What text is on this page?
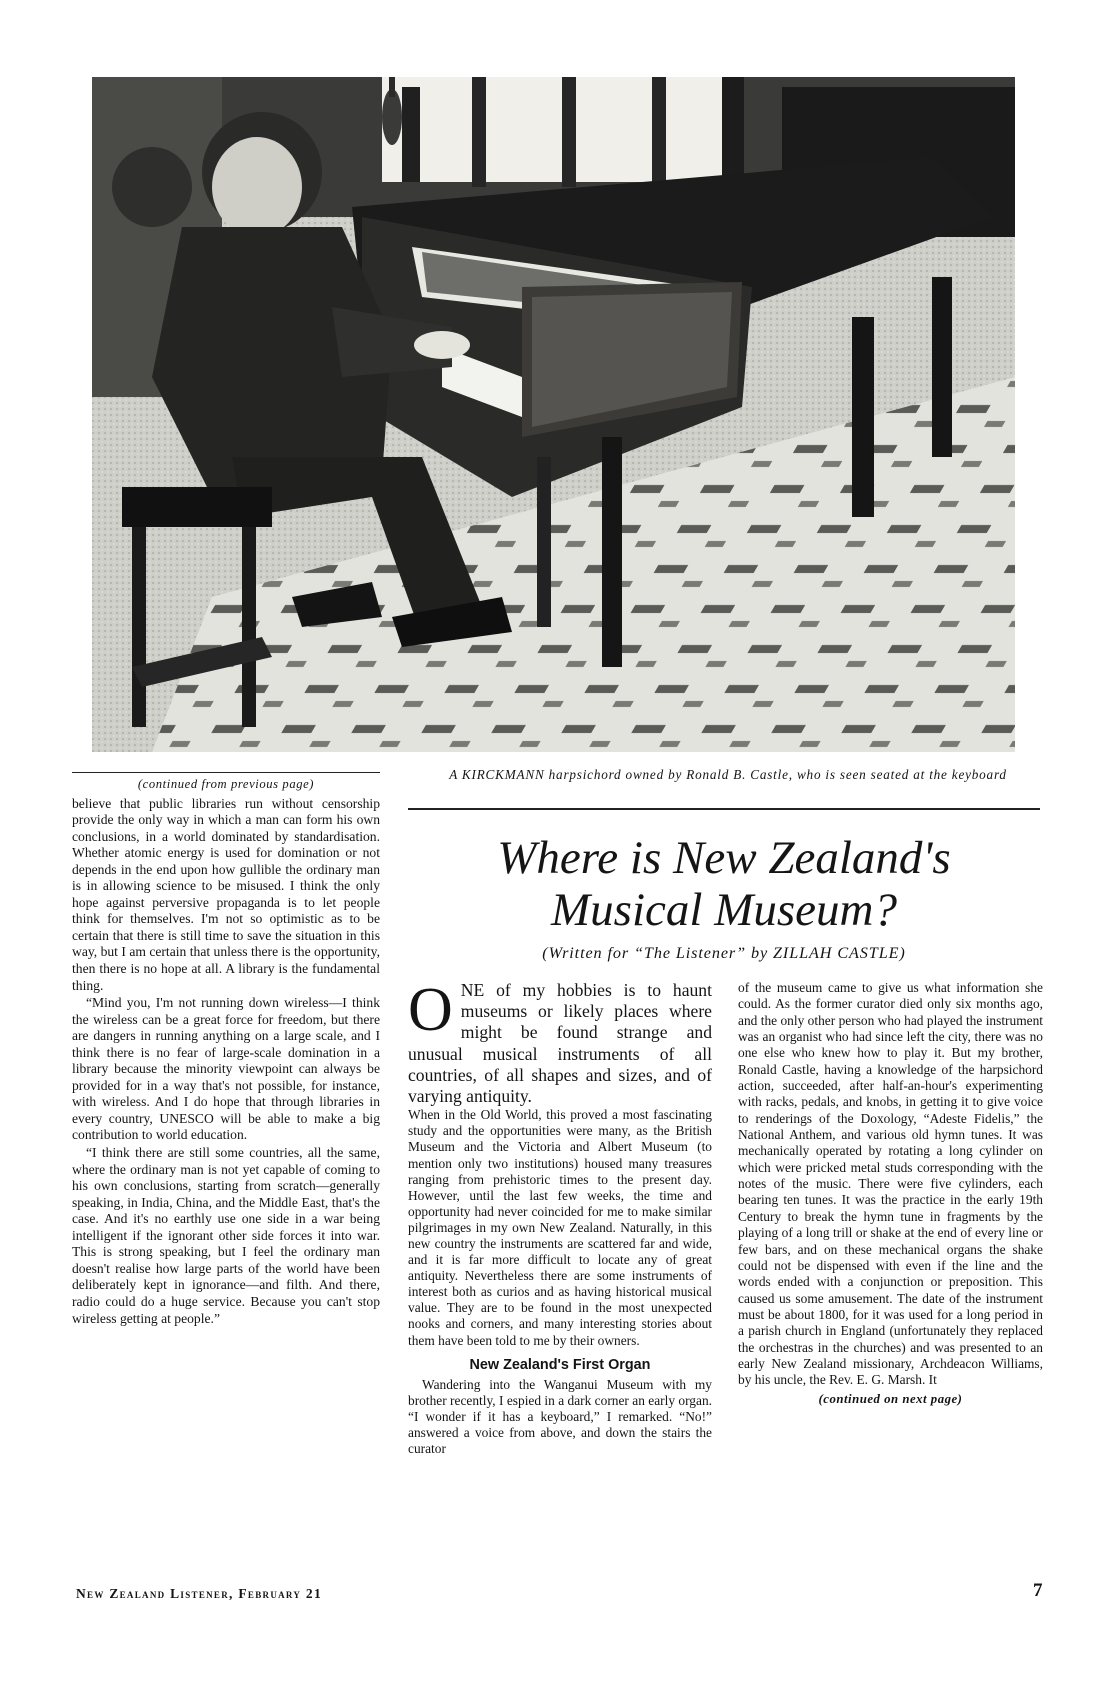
(continued from previous page)

believe that public libraries run without censorship provide the only way in which a man can form his own conclusions, in a world dominated by standardisation. Whether atomic energy is used for domination or not depends in the end upon how gullible the ordinary man is in allowing science to be misused. I think the only hope against perversive propaganda is to let people think for themselves. I'm not so optimistic as to be certain that there is still time to save the situation in this way, but I am certain that unless there is the opportunity, then there is no hope at all. A library is the fundamental thing.

“Mind you, I'm not running down wireless—I think the wireless can be a great force for freedom, but there are dangers in running anything on a large scale, and I think there is no fear of large-scale domination in a library because the minority viewpoint can always be provided for in a way that's not possible, for instance, with wireless. And I do hope that through libraries in every country, UNESCO will be able to make a big contribution to world education.

“I think there are still some countries, all the same, where the ordinary man is not yet capable of coming to his own conclusions, starting from scratch—generally speaking, in India, China, and the Middle East, that's the case. And it's no earthly use one side in a war being intelligent if the ignorant other side forces it into war. This is strong speaking, but I feel the ordinary man doesn't realise how large parts of the world have been deliberately kept in ignorance—and filth. And there, radio could do a huge service. Because you can't stop wireless getting at people.”

A KIRCKMANN harpsichord owned by Ronald B. Castle, who is seen seated at the keyboard
Where is New Zealand's
Musical Museum?
(Written for “The Listener” by ZILLAH CASTLE)

ONE of my hobbies is to haunt museums or likely places where might be found strange and unusual musical instruments of all countries, of all shapes and sizes, and of varying antiquity.

When in the Old World, this proved a most fascinating study and the opportunities were many, as the British Museum and the Victoria and Albert Museum (to mention only two institutions) housed many treasures ranging from prehistoric times to the present day. However, until the last few weeks, the time and opportunity had never coincided for me to make similar pilgrimages in my own New Zealand. Naturally, in this new country the instruments are scattered far and wide, and it is far more difficult to locate any of great antiquity. Nevertheless there are some instruments of interest both as curios and as having historical musical value. They are to be found in the most unexpected nooks and corners, and many interesting stories about them have been told to me by their owners.

New Zealand's First Organ

Wandering into the Wanganui Museum with my brother recently, I espied in a dark corner an early organ. “I wonder if it has a keyboard,” I remarked. “No!” answered a voice from above, and down the stairs the curator

of the museum came to give us what information she could. As the former curator died only six months ago, and the only other person who had played the instrument was an organist who had since left the city, there was no one else who knew how to play it. But my brother, Ronald Castle, having a knowledge of the harpsichord action, succeeded, after half-an-hour's experimenting with racks, pedals, and knobs, in getting it to give voice to renderings of the Doxology, “Adeste Fidelis,” the National Anthem, and various old hymn tunes. It was mechanically operated by rotating a long cylinder on which were pricked metal studs corresponding with the notes of the music. There were five cylinders, each bearing ten tunes. It was the practice in the early 19th Century to break the hymn tune in fragments by the playing of a long trill or shake at the end of every line or few bars, and on these mechanical organs the shake could not be dispensed with even if the line and the words ended with a conjunction or preposition. This caused us some amusement. The date of the instrument must be about 1800, for it was used for a long period in a parish church in England (unfortunately they replaced the orchestras in the churches) and was presented to an early New Zealand missionary, Archdeacon Williams, by his uncle, the Rev. E. G. Marsh. It

(continued on next page)
New Zealand Listener, February 21	7
